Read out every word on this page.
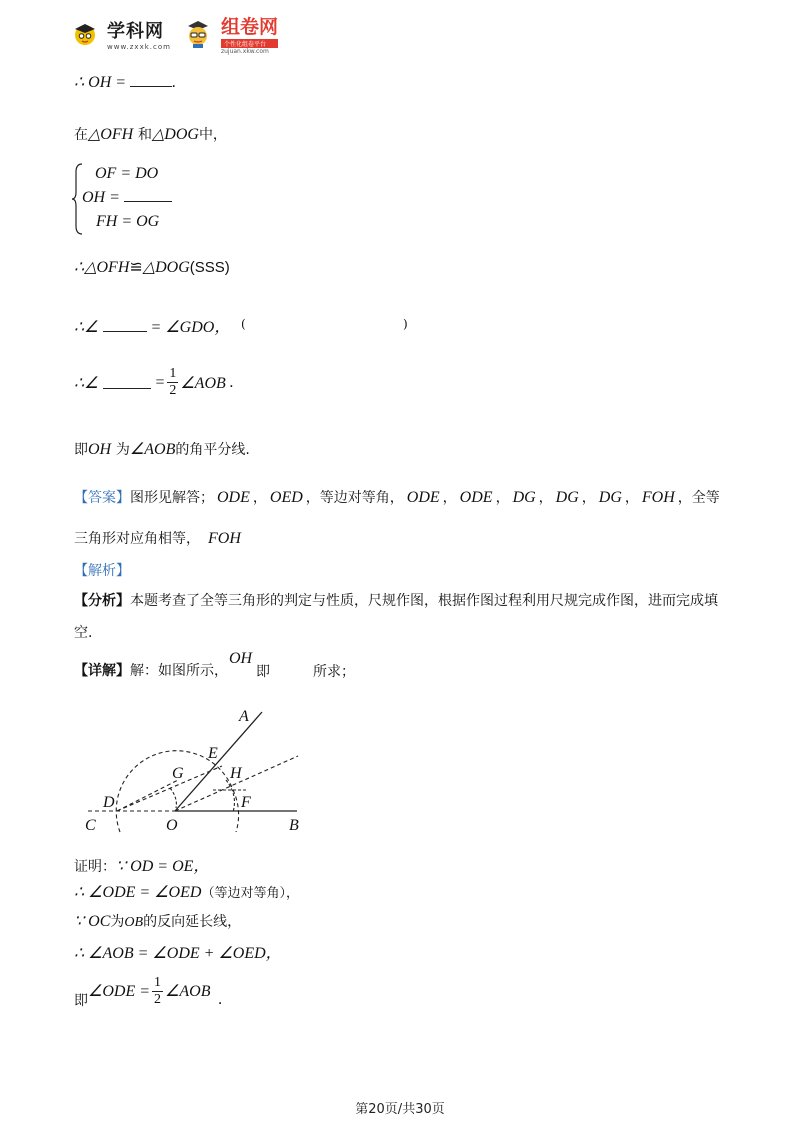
学科网
www.zxxk.com
组卷网
个性化组卷平台
zujuan.xkw.com
∴ OH =	.
在△OFH 和△DOG中，
OF = DO
OH =
FH = OG
∴△OFH≌△DOG(SSS)
∴∠	= ∠GDO， (	)
∴∠	= $\frac{1}{2}$ ∠AOB .
即OH 为∠AOB的角平分线.
【答案】图形见解答； ODE ， OED ，等边对等角， ODE ， ODE ， DG ， DG ， DG ， FOH ，全等
三角形对应角相等， FOH
【解析】
【分析】本题考查了全等三角形的判定与性质，尺规作图，根据作图过程利用尺规完成作图，进而完成填
空.
【详解】解：如图所示，
OH
即	所求；
A
E
G	H
D	F
C	O	B
证明：∵ OD = OE，
∴ ∠ODE = ∠OED（等边对等角），
∵ OC为OB的反向延长线，
∴ ∠AOB = ∠ODE + ∠OED，
即
∠ODE = $\frac{1}{2}$ ∠AOB .
第20页/共30页
